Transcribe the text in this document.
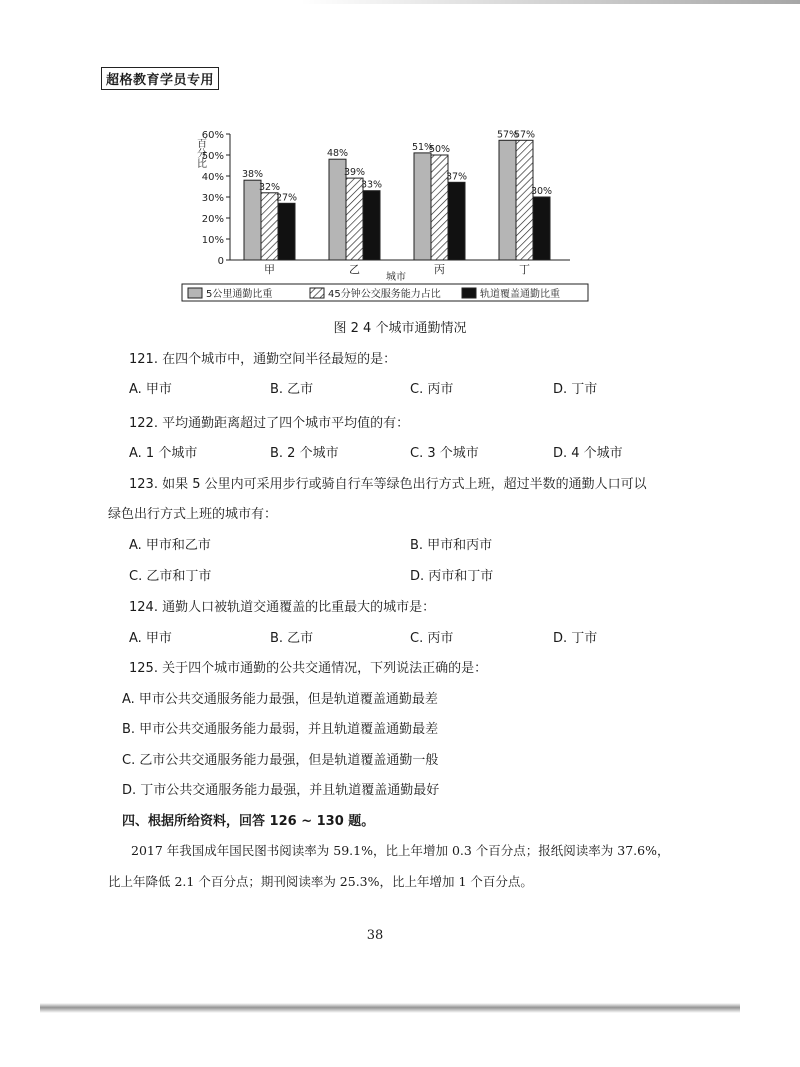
超格教育学员专用
0
10%
20%
30%
40%
50%
60%
百分比
38%
32%
27%
甲
48%
39%
33%
乙
51%
50%
37%
丙
57%
57%
30%
丁
城市
5公里通勤比重	45分钟公交服务能力占比	轨道覆盖通勤比重
图 2 4 个城市通勤情况
121. 在四个城市中，通勤空间半径最短的是：
A. 甲市	B. 乙市	C. 丙市	D. 丁市
122. 平均通勤距离超过了四个城市平均值的有：
A. 1 个城市	B. 2 个城市	C. 3 个城市	D. 4 个城市
123. 如果 5 公里内可采用步行或骑自行车等绿色出行方式上班，超过半数的通勤人口可以
绿色出行方式上班的城市有：
A. 甲市和乙市	B. 甲市和丙市
C. 乙市和丁市	D. 丙市和丁市
124. 通勤人口被轨道交通覆盖的比重最大的城市是：
A. 甲市	B. 乙市	C. 丙市	D. 丁市
125. 关于四个城市通勤的公共交通情况，下列说法正确的是：
A. 甲市公共交通服务能力最强，但是轨道覆盖通勤最差
B. 甲市公共交通服务能力最弱，并且轨道覆盖通勤最差
C. 乙市公共交通服务能力最强，但是轨道覆盖通勤一般
D. 丁市公共交通服务能力最强，并且轨道覆盖通勤最好
四、根据所给资料，回答 126 ~ 130 题。
2017 年我国成年国民图书阅读率为 59.1%，比上年增加 0.3 个百分点；报纸阅读率为 37.6%，
比上年降低 2.1 个百分点；期刊阅读率为 25.3%，比上年增加 1 个百分点。
38
